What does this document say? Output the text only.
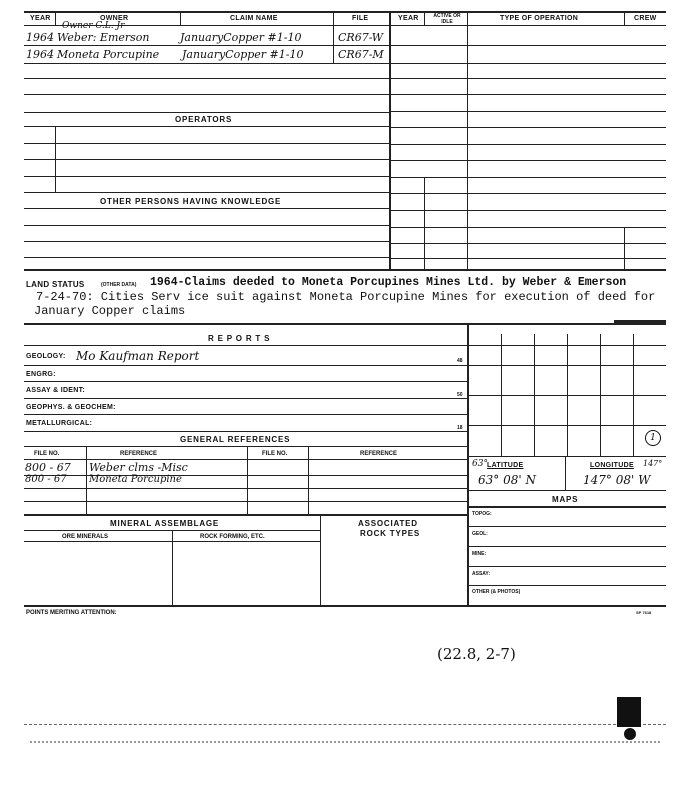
YEAR	OWNER	CLAIM NAME	FILE
Owner C.L. Jr
1964 Weber: Emerson	JanuaryCopper #1-10	CR67-W
1964 Moneta Porcupine JanuaryCopper #1-10	CR67-M
OPERATORS
OTHER PERSONS HAVING KNOWLEDGE
YEAR	ACTIVE OR IDLE	TYPE OF OPERATION	CREW
LAND STATUS	(OTHER DATA) 1964-Claims deeded to Moneta Porcupines Mines Ltd. by Weber & Emerson
7-24-70: Cities Serv ice suit against Moneta Porcupine Mines for execution of deed for
January Copper claims
R E P O R T S
GEOLOGY: Mo Kaufman Report	48
ENGRG:
ASSAY & IDENT:
50
GEOPHYS. & GEOCHEM:
METALLURGICAL:
18
GENERAL REFERENCES
FILE NO.	REFERENCE	FILE NO.	REFERENCE
800 - 67 Weber clms -Misc
800 - 67 Moneta Porcupine
MINERAL ASSEMBLAGE	ASSOCIATED
ROCK TYPES
ORE MINERALS	ROCK FORMING, ETC.
1
63° LATITUDE	LONGITUDE 147°
63° 08' N	147° 08' W
MAPS
TOPOG:
GEOL:
MINE:
ASSAY:
OTHER (& PHOTOS)
POINTS MERITING ATTENTION:	SP 7618
(22.8, 2-7)
